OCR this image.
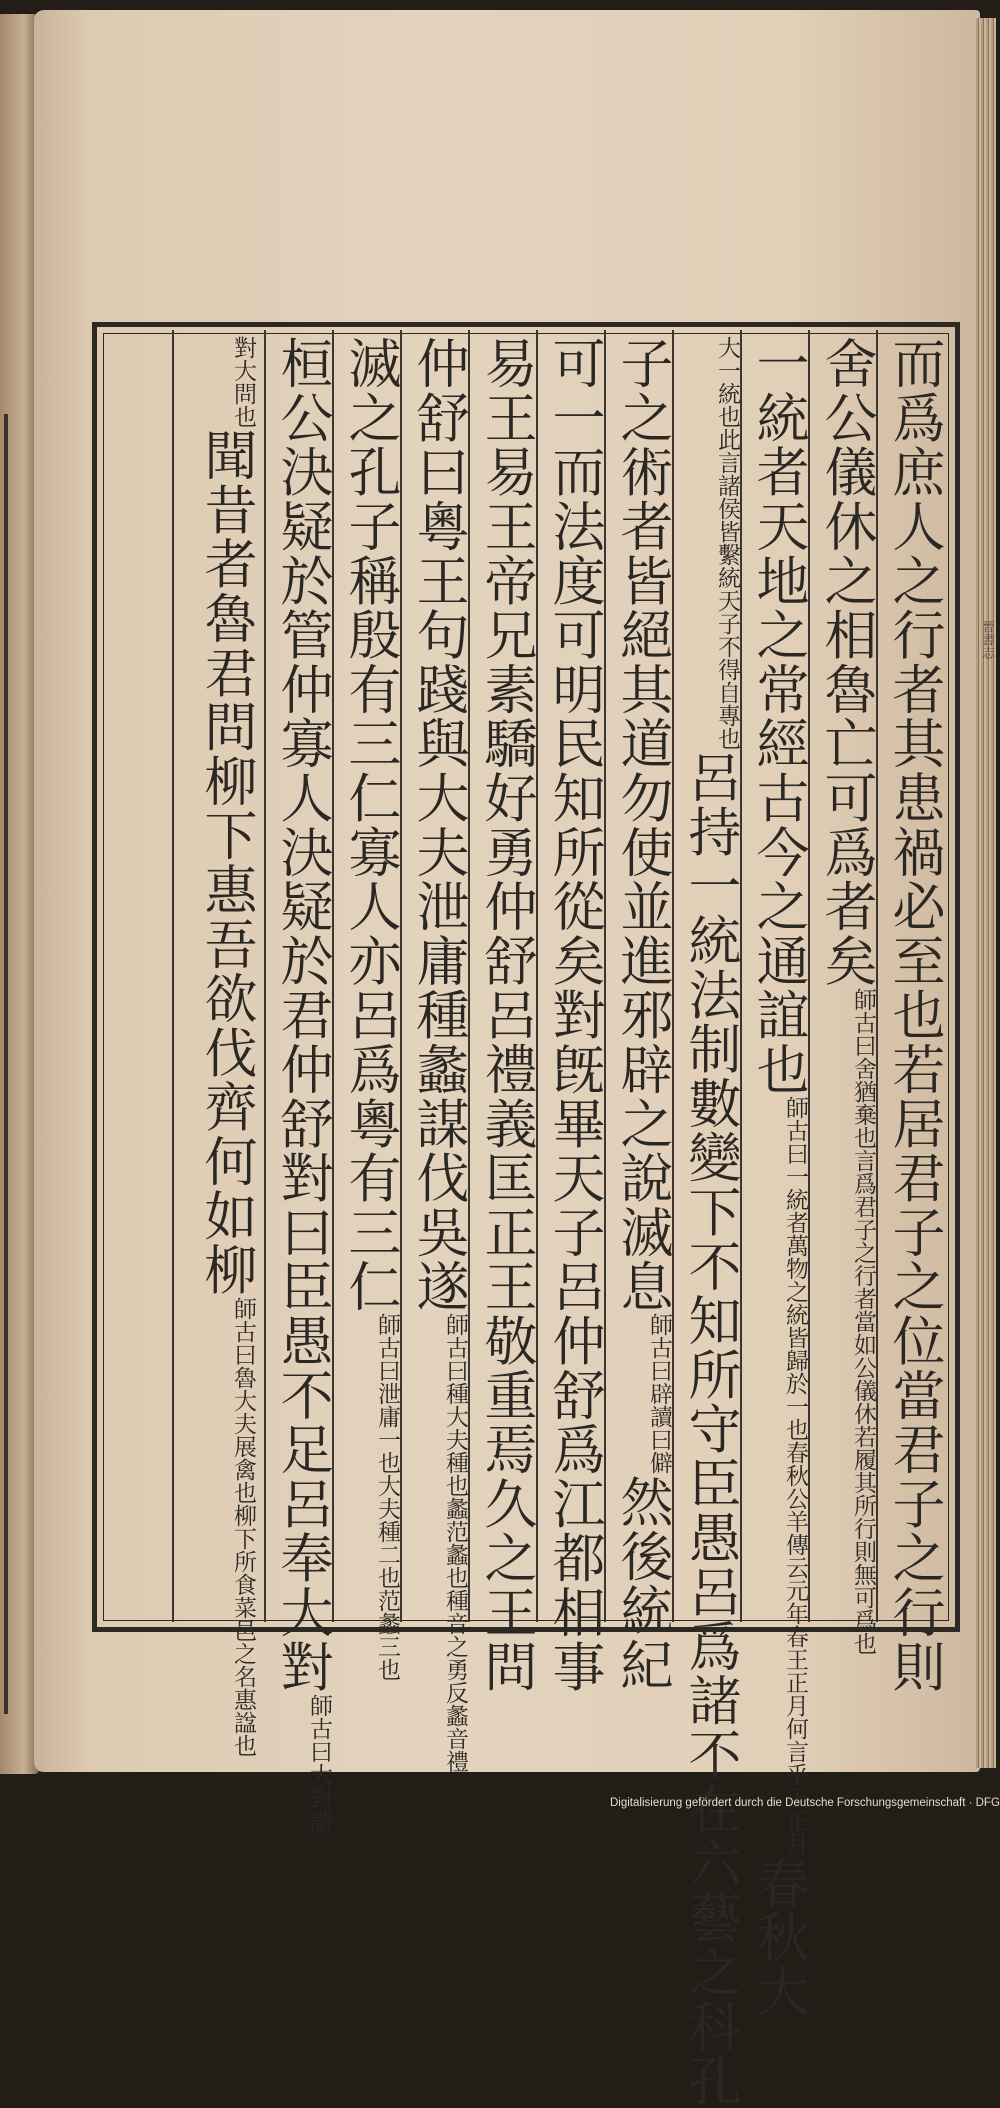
晉書志
而爲庶人之行者其患禍必至也若居君子之位當君子之行則
舍公儀休之相魯亡可爲者矣師古曰舍猶棄也言爲君子之行者當如公儀休若履其所行則無可爲也
一統者天地之常經古今之通誼也師古曰一統者萬物之統皆歸於一也春秋公羊傳云元年春王正月何言乎王正月春秋大
大一統也此言諸侯皆繫統天子不得自專也呂持一統法制數變下不知所守臣愚呂爲諸不在六藝之科孔
子之術者皆絕其道勿使並進邪辟之說滅息師古曰辟讀曰僻然後統紀
可一而法度可明民知所從矣對旣畢天子呂仲舒爲江都相事
易王易王帝兄素驕好勇仲舒呂禮義匡正王敬重焉久之王問
仲舒曰粵王句踐與大夫泄庸種蠡謀伐吳遂師古曰種大夫種也蠡范蠡也種音之勇反蠡音禮
滅之孔子稱殷有三仁寡人亦呂爲粵有三仁師古曰泄庸一也大夫種二也范蠡三也
桓公決疑於管仲寡人決疑於君仲舒對曰臣愚不足呂奉大對師古曰大對謂
對大問也聞昔者魯君問柳下惠吾欲伐齊何如柳師古曰魯大夫展禽也柳下所食菜邑之名惠諡也
Digitalisierung gefördert durch die Deutsche Forschungsgemeinschaft · DFG
